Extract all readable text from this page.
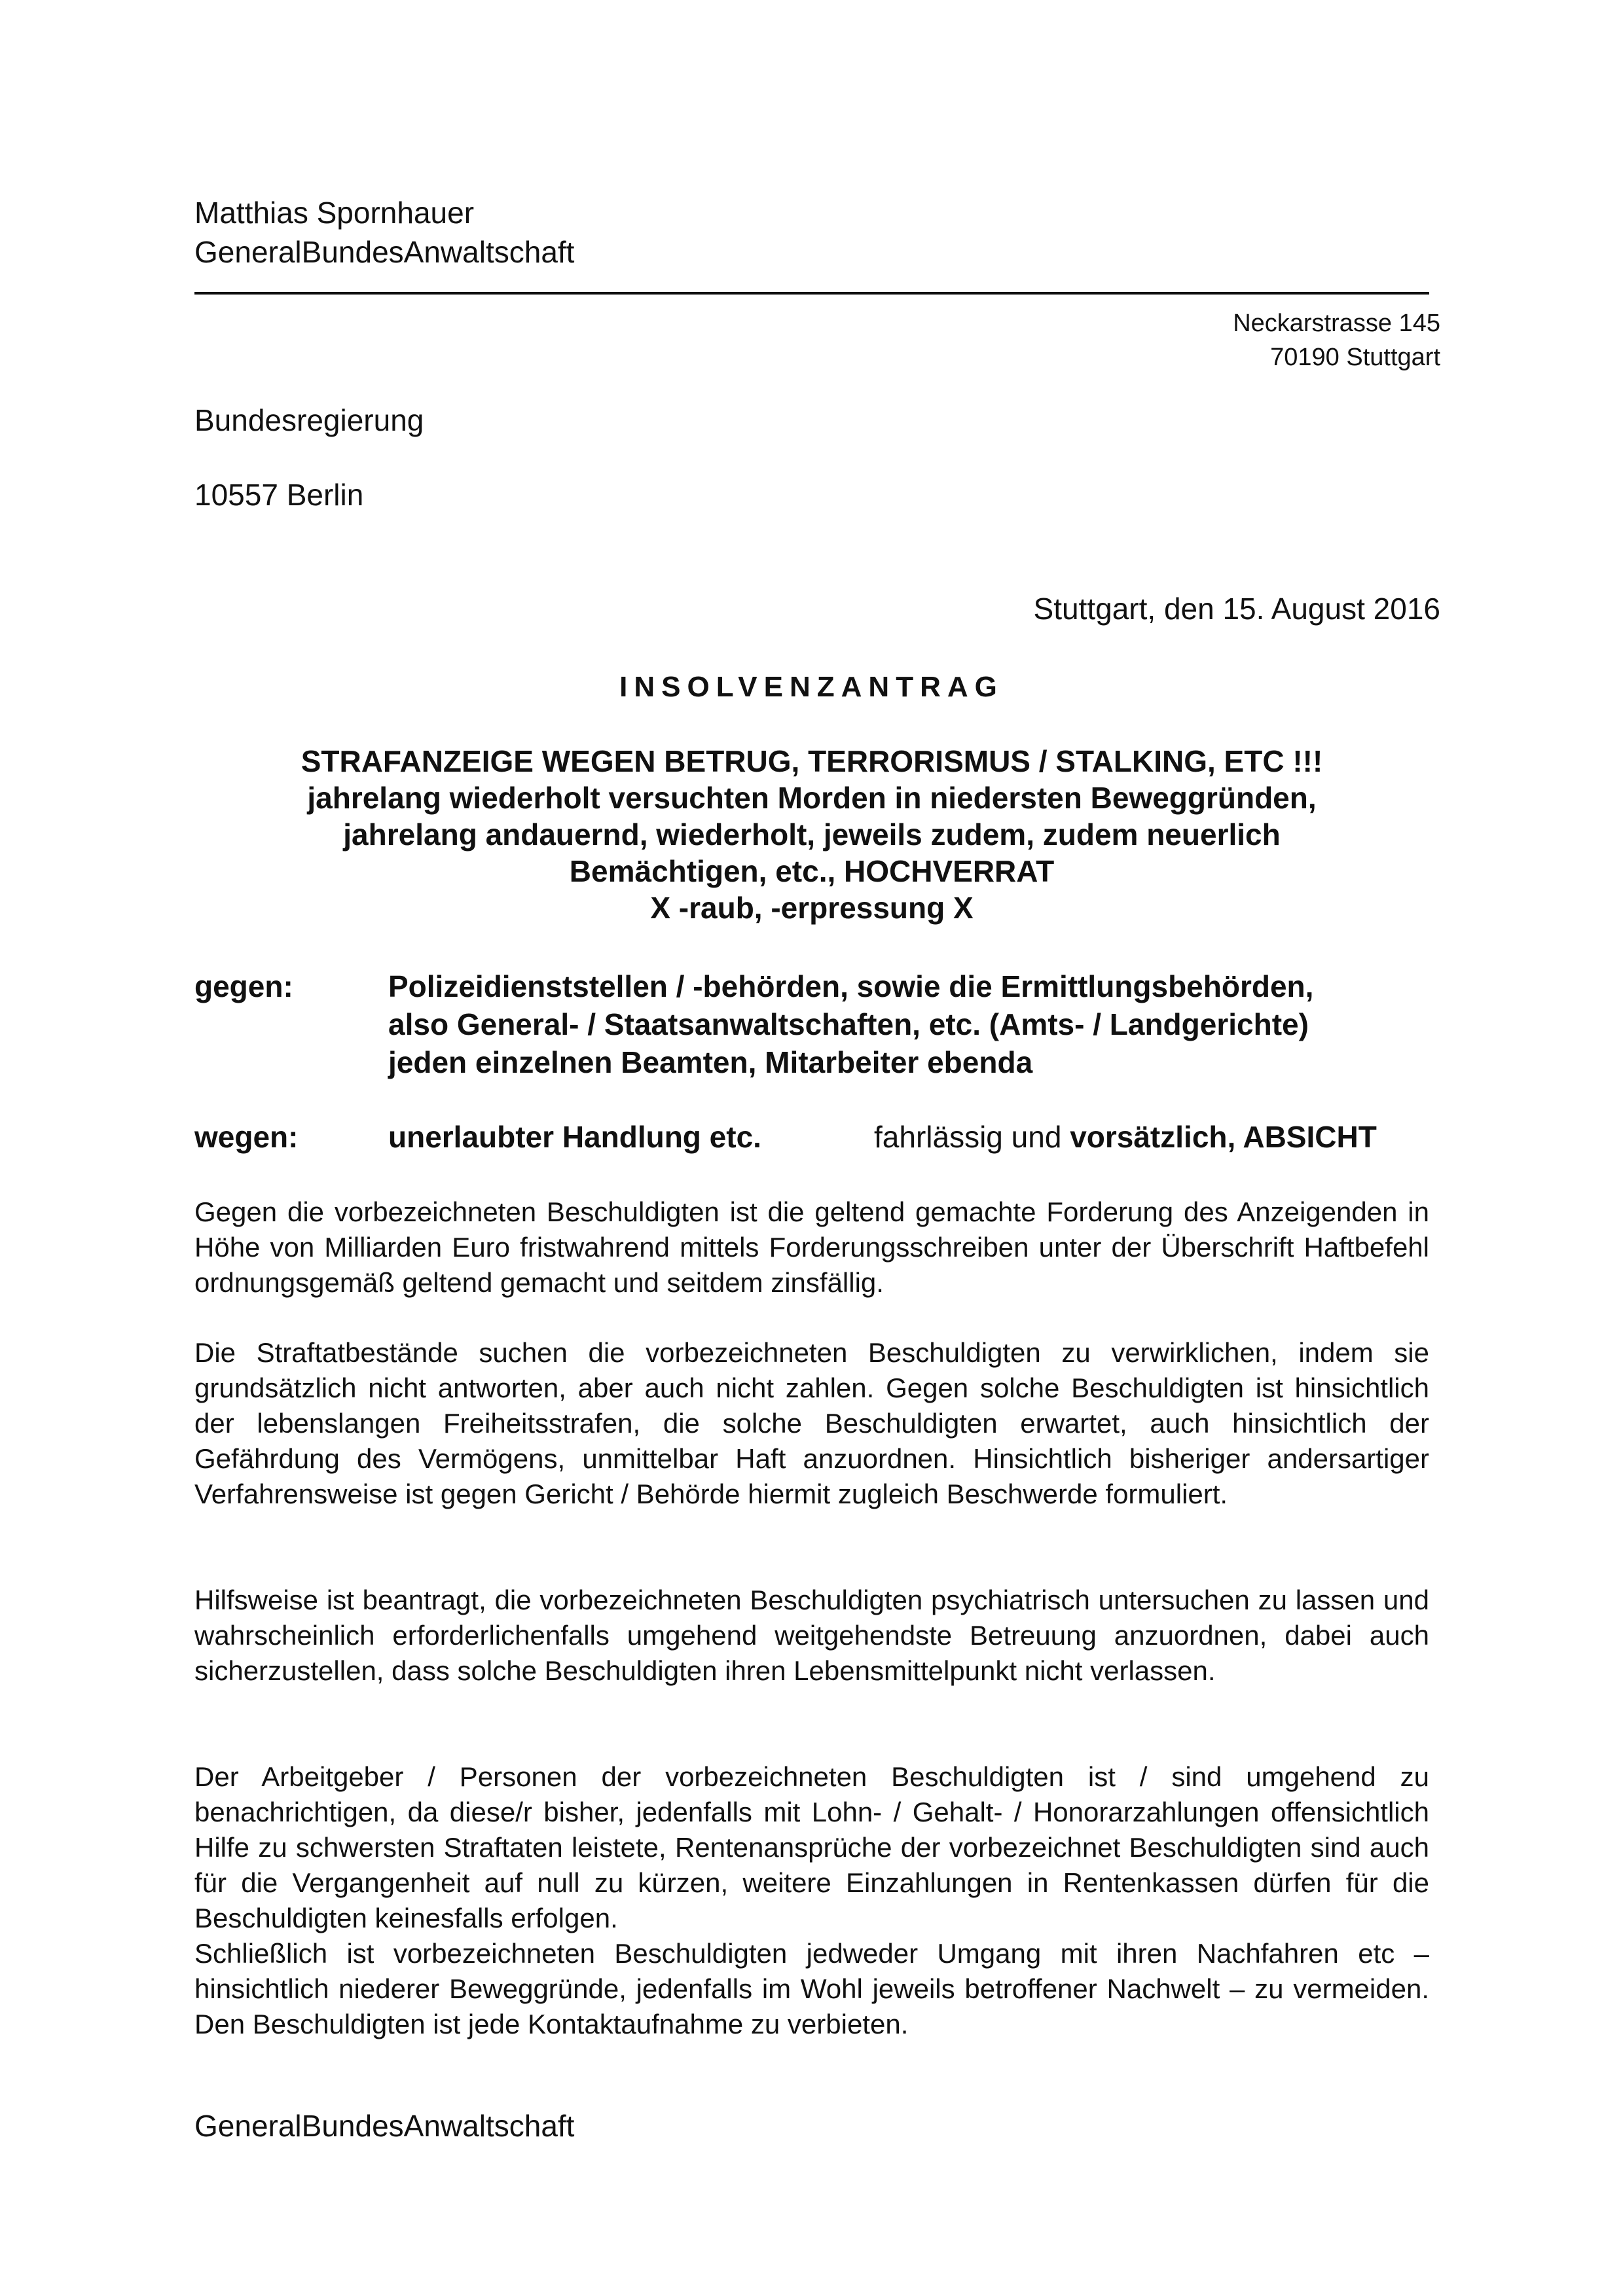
Matthias Spornhauer
GeneralBundesAnwaltschaft
Neckarstrasse 145
70190 Stuttgart
Bundesregierung
10557 Berlin
Stuttgart, den 15. August 2016
INSOLVENZANTRAG
STRAFANZEIGE WEGEN BETRUG, TERRORISMUS / STALKING, ETC !!!
jahrelang wiederholt versuchten Morden in niedersten Beweggründen,
jahrelang andauernd, wiederholt, jeweils zudem, zudem neuerlich
Bemächtigen, etc., HOCHVERRAT
X -raub, -erpressung X
gegen:	Polizeidienststellen / -behörden, sowie die Ermittlungsbehörden,
also General- / Staatsanwaltschaften, etc. (Amts- / Landgerichte)
jeden einzelnen Beamten, Mitarbeiter ebenda
wegen:	unerlaubter Handlung etc.	fahrlässig und vorsätzlich, ABSICHT
Gegen die vorbezeichneten Beschuldigten ist die geltend gemachte Forderung des Anzeigenden in Höhe von Milliarden Euro fristwahrend mittels Forderungsschreiben unter der Überschrift Haftbefehl ordnungsgemäß geltend gemacht und seitdem zinsfällig.
Die Straftatbestände suchen die vorbezeichneten Beschuldigten zu verwirklichen, indem sie grundsätzlich nicht antworten, aber auch nicht zahlen. Gegen solche Beschuldigten ist hinsichtlich der lebenslangen Freiheitsstrafen, die solche Beschuldigten erwartet, auch hinsichtlich der Gefährdung des Vermögens, unmittelbar Haft anzuordnen. Hinsichtlich bisheriger andersartiger Verfahrensweise ist gegen Gericht / Behörde hiermit zugleich Beschwerde formuliert.
Hilfsweise ist beantragt, die vorbezeichneten Beschuldigten psychiatrisch untersuchen zu lassen und wahrscheinlich erforderlichenfalls umgehend weitgehendste Betreuung anzuordnen, dabei auch sicherzustellen, dass solche Beschuldigten ihren Lebensmittelpunkt nicht verlassen.
Der Arbeitgeber / Personen der vorbezeichneten Beschuldigten ist / sind umgehend zu benachrichtigen, da diese/r bisher, jedenfalls mit Lohn- / Gehalt- / Honorarzahlungen offensichtlich Hilfe zu schwersten Straftaten leistete, Rentenansprüche der vorbezeichnet Beschuldigten sind auch für die Vergangenheit auf null zu kürzen, weitere Einzahlungen in Rentenkassen dürfen für die Beschuldigten keinesfalls erfolgen.
Schließlich ist vorbezeichneten Beschuldigten jedweder Umgang mit ihren Nachfahren etc – hinsichtlich niederer Beweggründe, jedenfalls im Wohl jeweils betroffener Nachwelt – zu vermeiden. Den Beschuldigten ist jede Kontaktaufnahme zu verbieten.
GeneralBundesAnwaltschaft
